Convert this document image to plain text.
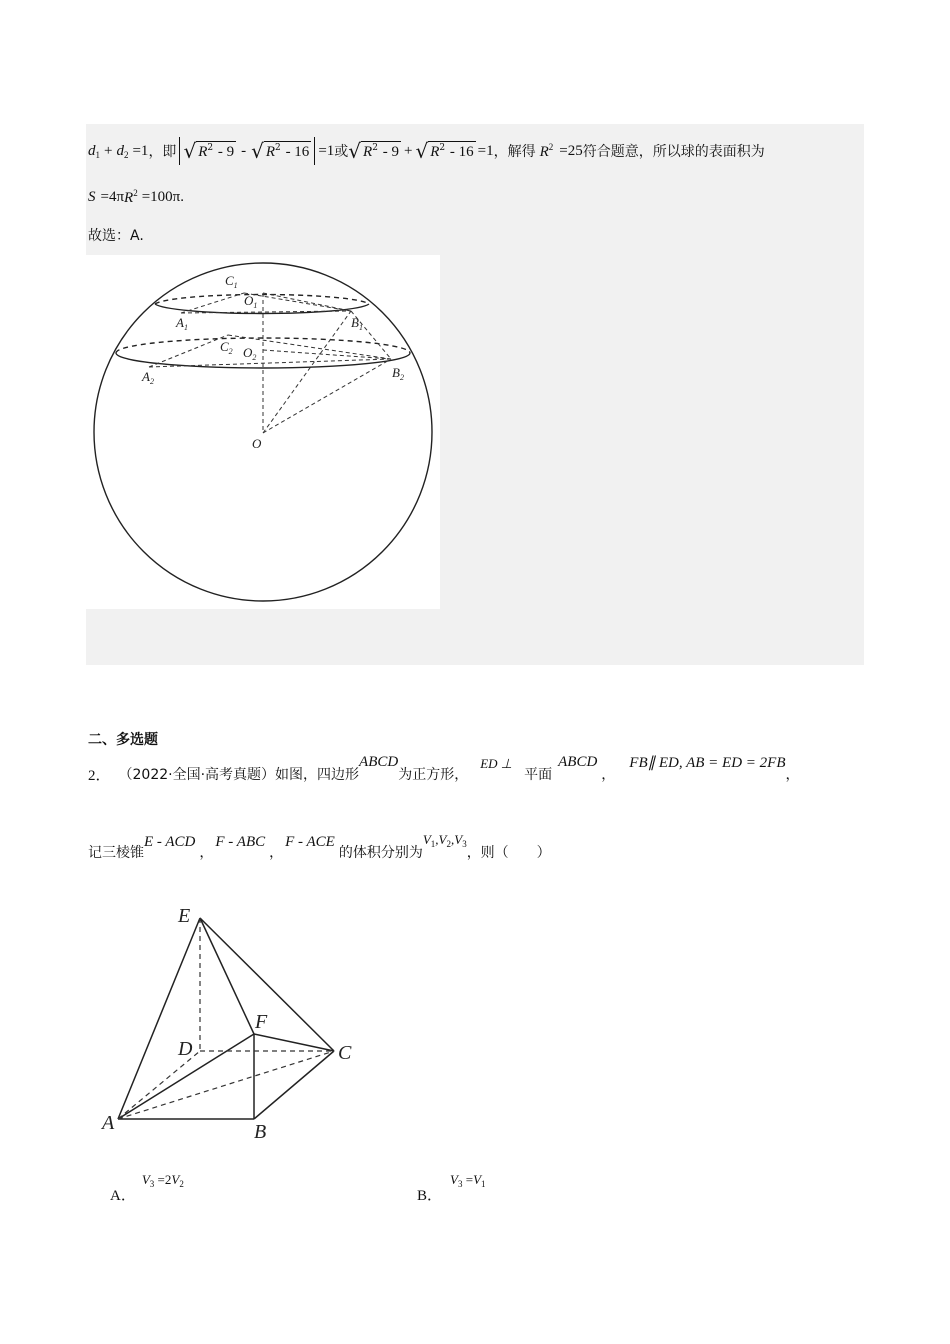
$d_1 + d_2 =1$ ，即 √ $R^2 - 9$ - √ $R^2 - 16 =1$ 或 √ $R^2 - 9$ + √ $R^2 - 16 =1$ ，解得 $R^2 =25$ 符合题意，所以球的表面积为
S =4π $R^2 =100\pi$ .
故选：A.
$C_1$
$O_1$
$A_1$	$B_1$
$C_2$ $O_2$
$A_2$
$B_2$
O
二、多选题
2． （2022·全国·高考真题） 如图，四边形
ABCD
为正方形，
ED ⊥
平面
ABCD
，
FB∥ ED, AB = ED = 2FB
，
记三棱锥
E - ACD
，
F - ABC
，
F - ACE
的体积分别为
$V_1,V_2,V_3$
，则（　　）
E
D
F
C
A	B
A．
$V_3 =2V_2$
B．
$V_3 =V_1$
